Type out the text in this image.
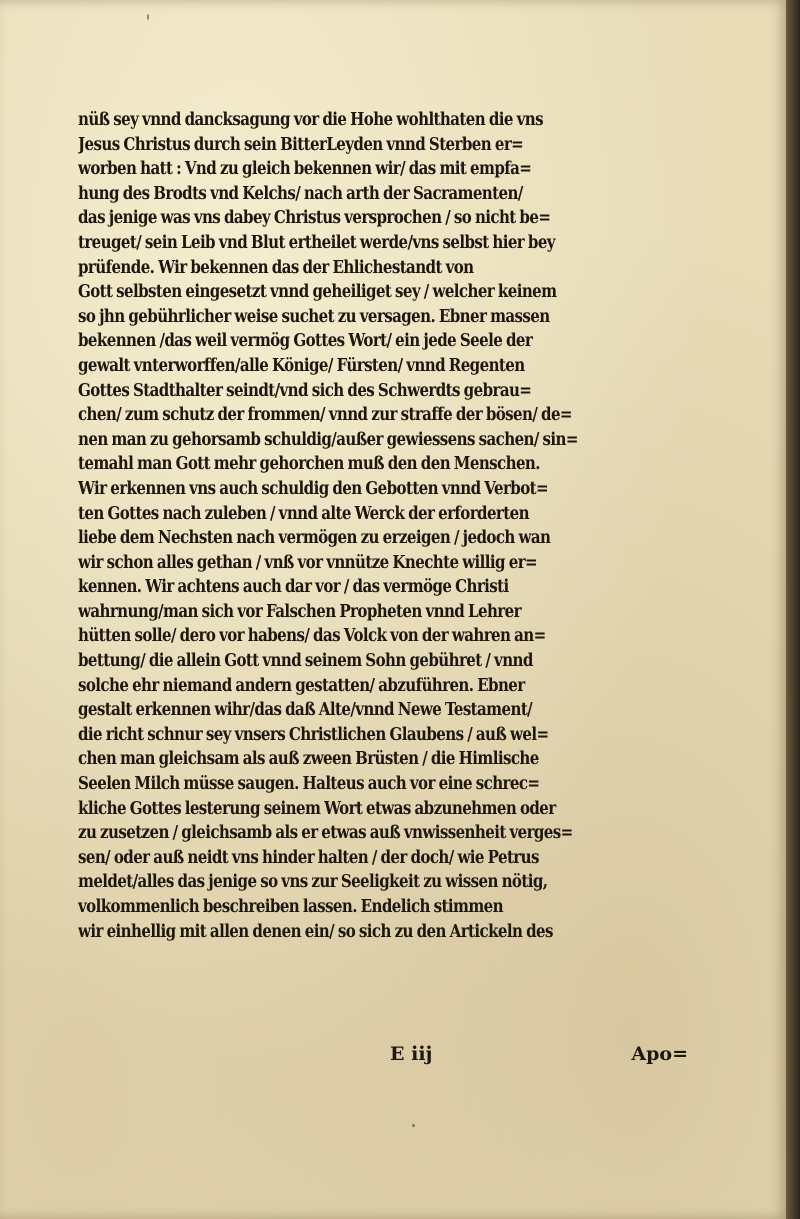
nüß sey vnnd dancksagung vor die Hohe wohlthaten die vns
Jesus Christus durch sein BitterLeyden vnnd Sterben er=
worben hatt : Vnd zu gleich bekennen wir/ das mit empfa=
hung des Brodts vnd Kelchs/ nach arth der Sacramenten/
das jenige was vns dabey Christus versprochen / so nicht be=
treuget/ sein Leib vnd Blut ertheilet werde/vns selbst hier bey
prüfende. Wir bekennen das der Ehlichestandt von
Gott selbsten eingesetzt vnnd geheiliget sey / welcher keinem
so jhn gebührlicher weise suchet zu versagen. Ebner massen
bekennen /das weil vermög Gottes Wort/ ein jede Seele der
gewalt vnterworffen/alle Könige/ Fürsten/ vnnd Regenten
Gottes Stadthalter seindt/vnd sich des Schwerdts gebrau=
chen/ zum schutz der frommen/ vnnd zur straffe der bösen/ de=
nen man zu gehorsamb schuldig/außer gewiessens sachen/ sin=
temahl man Gott mehr gehorchen muß den den Menschen.
Wir erkennen vns auch schuldig den Gebotten vnnd Verbot=
ten Gottes nach zuleben / vnnd alte Werck der erforderten
liebe dem Nechsten nach vermögen zu erzeigen / jedoch wan
wir schon alles gethan / vnß vor vnnütze Knechte willig er=
kennen. Wir achtens auch dar vor / das vermöge Christi
wahrnung/man sich vor Falschen Propheten vnnd Lehrer
hütten solle/ dero vor habens/ das Volck von der wahren an=
bettung/ die allein Gott vnnd seinem Sohn gebühret / vnnd
solche ehr niemand andern gestatten/ abzuführen. Ebner
gestalt erkennen wihr/das daß Alte/vnnd Newe Testament/
die richt schnur sey vnsers Christlichen Glaubens / auß wel=
chen man gleichsam als auß zween Brüsten / die Himlische
Seelen Milch müsse saugen. Halteus auch vor eine schrec=
kliche Gottes lesterung seinem Wort etwas abzunehmen oder
zu zusetzen / gleichsamb als er etwas auß vnwissenheit verges=
sen/ oder auß neidt vns hinder halten / der doch/ wie Petrus
meldet/alles das jenige so vns zur Seeligkeit zu wissen nötig,
volkommenlich beschreiben lassen. Endelich stimmen
wir einhellig mit allen denen ein/ so sich zu den Artickeln des
E iij	Apo=
